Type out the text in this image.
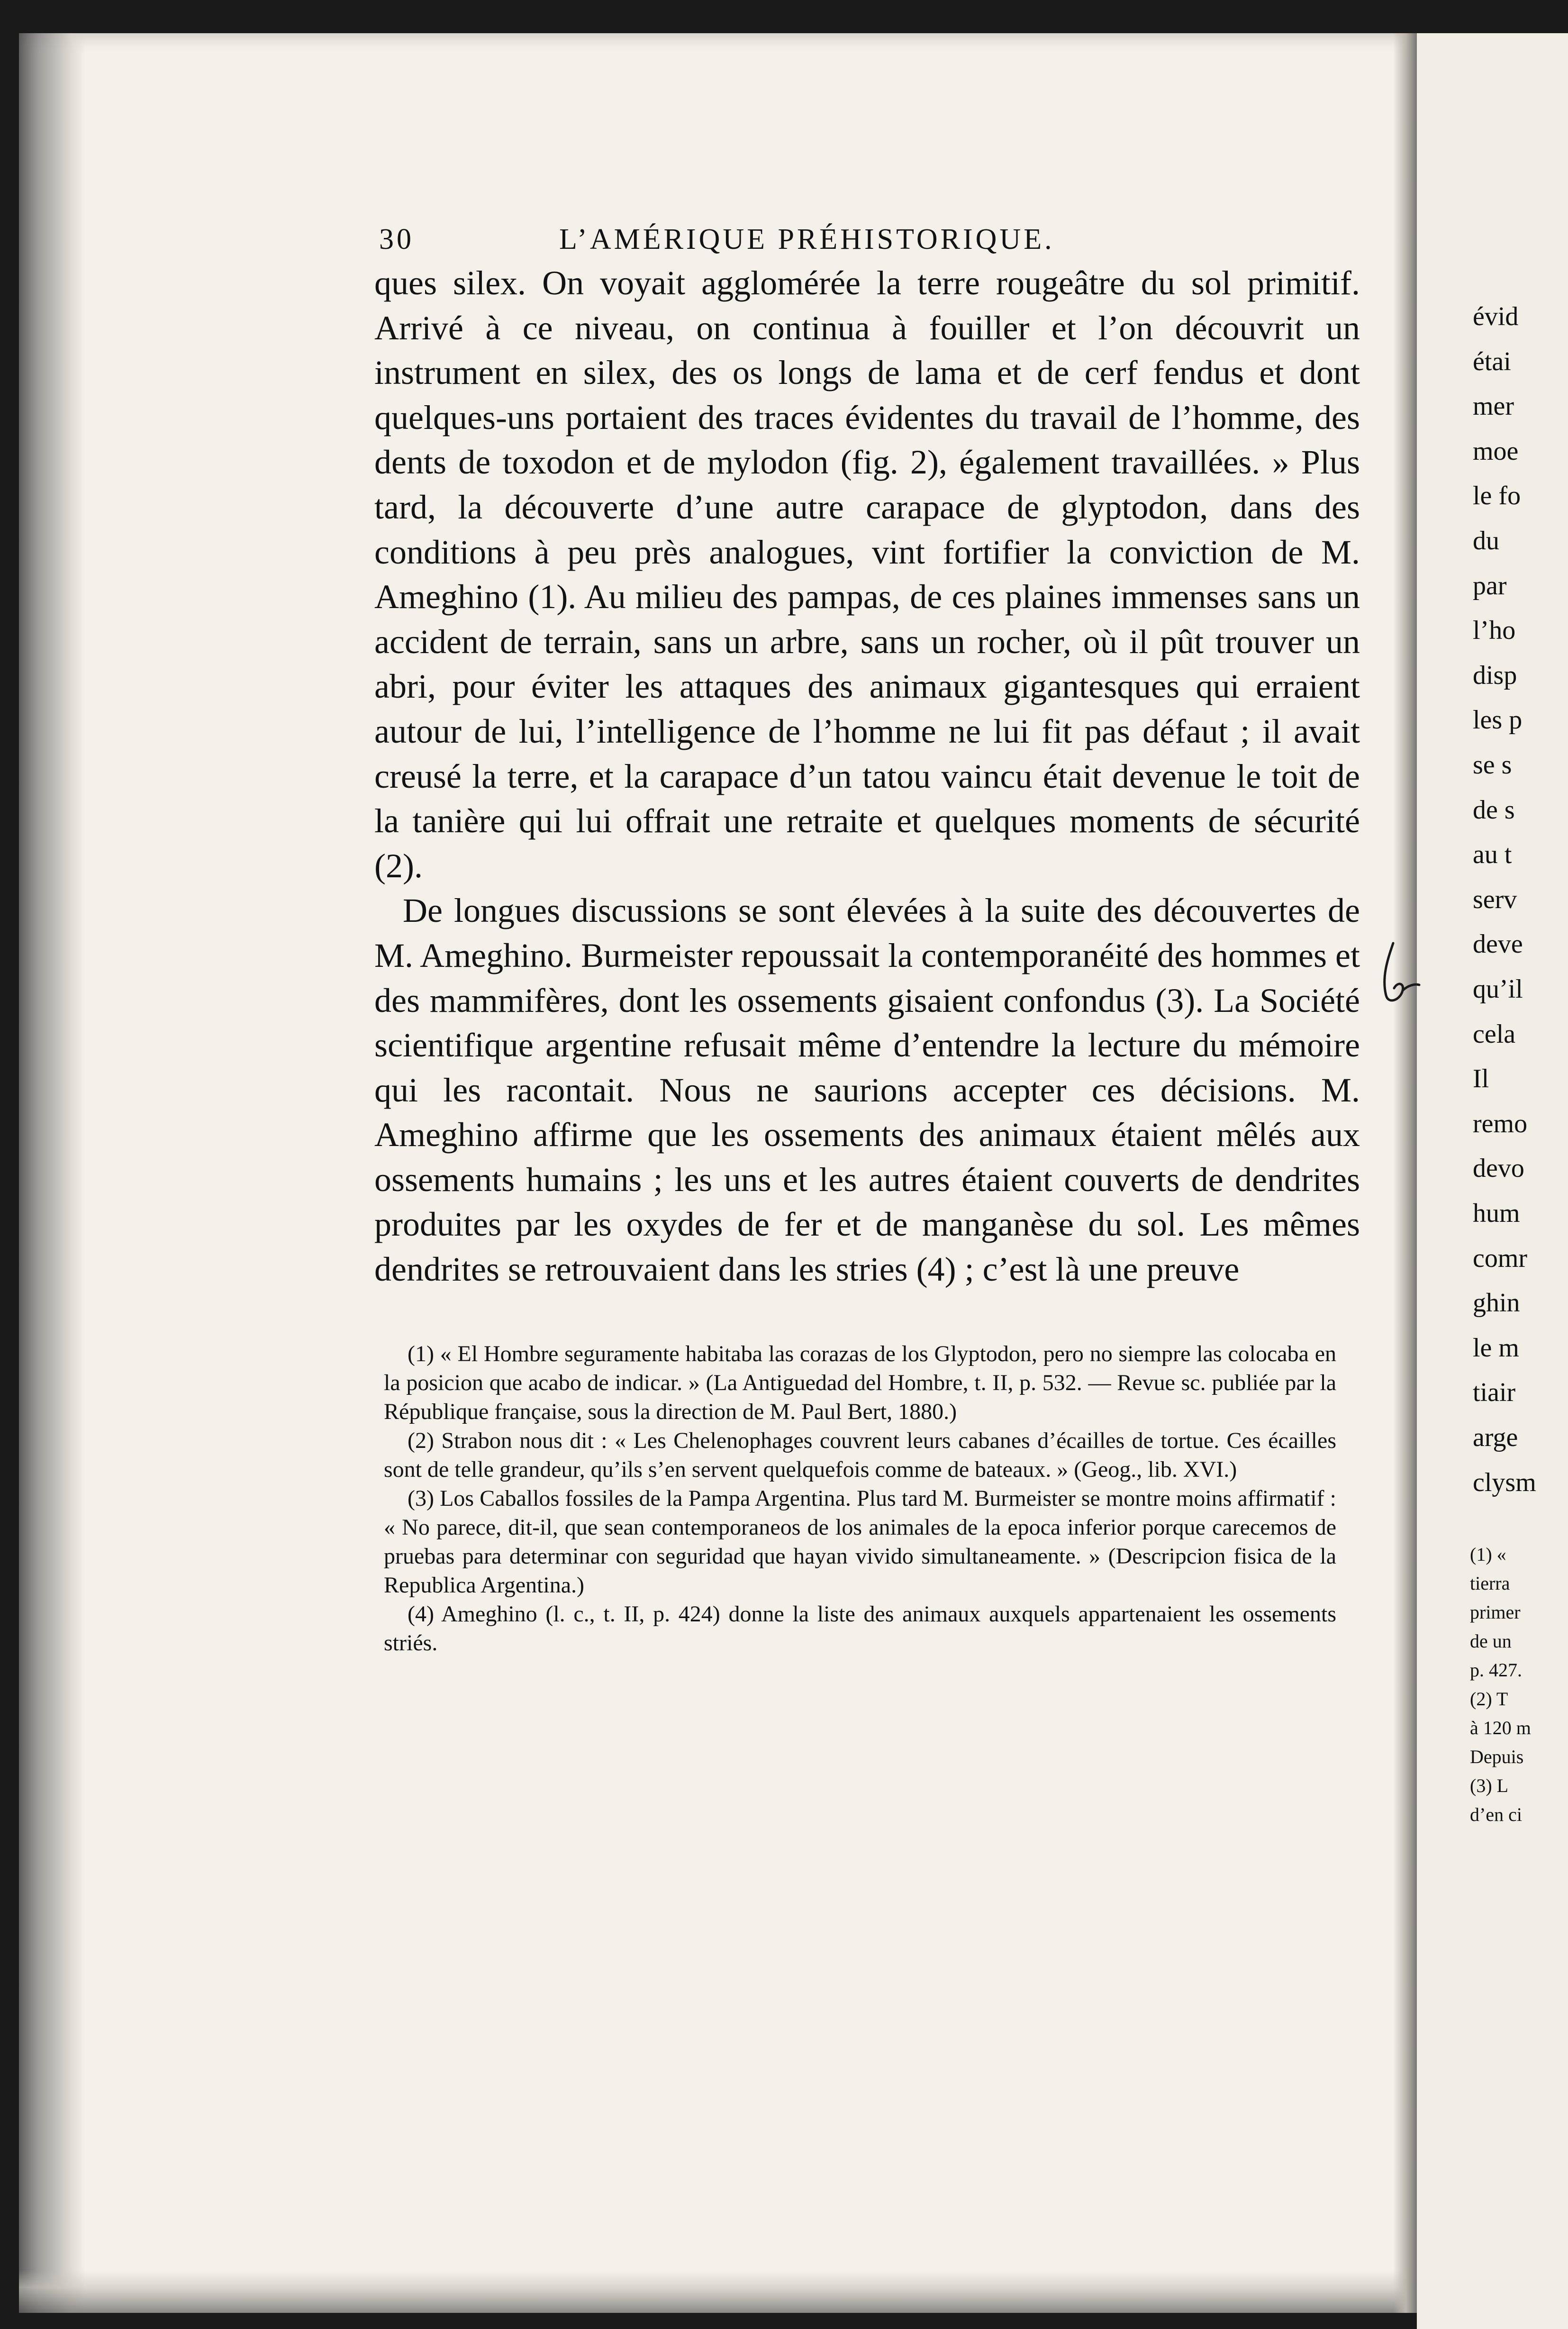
évid
étai
mer
moe
le fo
du
par
l’ho
disp
les p
se s
de s
au t
serv
deve
qu’il
cela
Il
remo
devo
hum
comr
ghin
le m
tiair
arge
clysm
(1) «
tierra
primer
de un
p. 427.
(2) T
à 120 m
Depuis
(3) L
d’en ci
30	L’AMÉRIQUE PRÉHISTORIQUE.

ques silex. On voyait agglomérée la terre rougeâtre du sol primitif. Arrivé à ce niveau, on continua à fouiller et l’on découvrit un instrument en silex, des os longs de lama et de cerf fendus et dont quelques-uns portaient des traces évidentes du travail de l’homme, des dents de toxodon et de mylodon (fig. 2), également travaillées. » Plus tard, la découverte d’une autre carapace de glyptodon, dans des conditions à peu près analogues, vint fortifier la conviction de M. Ameghino (1). Au milieu des pampas, de ces plaines immenses sans un accident de terrain, sans un arbre, sans un rocher, où il pût trouver un abri, pour éviter les attaques des animaux gigantesques qui erraient autour de lui, l’intelligence de l’homme ne lui fit pas défaut ; il avait creusé la terre, et la carapace d’un tatou vaincu était devenue le toit de la tanière qui lui offrait une retraite et quelques moments de sécurité (2).

De longues discussions se sont élevées à la suite des découvertes de M. Ameghino. Burmeister repoussait la contemporanéité des hommes et des mammifères, dont les ossements gisaient confondus (3). La Société scientifique argentine refusait même d’entendre la lecture du mémoire qui les racontait. Nous ne saurions accepter ces décisions. M. Ameghino affirme que les ossements des animaux étaient mêlés aux ossements humains ; les uns et les autres étaient couverts de dendrites produites par les oxydes de fer et de manganèse du sol. Les mêmes dendrites se retrouvaient dans les stries (4) ; c’est là une preuve

(1) « El Hombre seguramente habitaba las corazas de los Glyptodon, pero no siempre las colocaba en la posicion que acabo de indicar. » (La Antiguedad del Hombre, t. II, p. 532. — Revue sc. publiée par la République française, sous la direction de M. Paul Bert, 1880.)

(2) Strabon nous dit : « Les Chelenophages couvrent leurs cabanes d’écailles de tortue. Ces écailles sont de telle grandeur, qu’ils s’en servent quelquefois comme de bateaux. » (Geog., lib. XVI.)

(3) Los Caballos fossiles de la Pampa Argentina. Plus tard M. Burmeister se montre moins affirmatif : « No parece, dit-il, que sean contemporaneos de los animales de la epoca inferior porque carecemos de pruebas para determinar con seguridad que hayan vivido simultaneamente. » (Descripcion fisica de la Republica Argentina.)

(4) Ameghino (l. c., t. II, p. 424) donne la liste des animaux auxquels appartenaient les ossements striés.
